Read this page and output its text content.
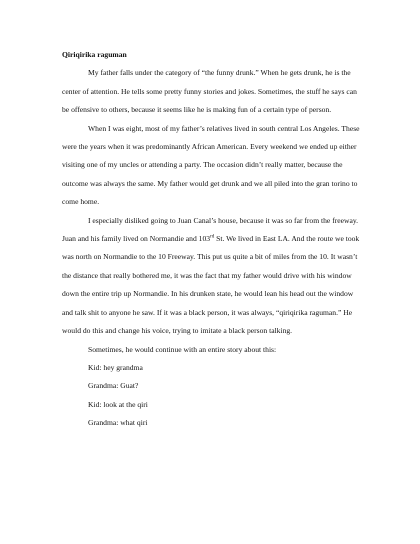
Qiriqirika raguman

My father falls under the category of “the funny drunk.” When he gets drunk, he is the center of attention. He tells some pretty funny stories and jokes. Sometimes, the stuff he says can be offensive to others, because it seems like he is making fun of a certain type of person.

When I was eight, most of my father’s relatives lived in south central Los Angeles. These were the years when it was predominantly African American. Every weekend we ended up either visiting one of my uncles or attending a party. The occasion didn’t really matter, because the outcome was always the same. My father would get drunk and we all piled into the gran torino to come home.

I especially disliked going to Juan Canal’s house, because it was so far from the freeway. Juan and his family lived on Normandie and 103rd St. We lived in East LA. And the route we took was north on Normandie to the 10 Freeway. This put us quite a bit of miles from the 10. It wasn’t the distance that really bothered me, it was the fact that my father would drive with his window down the entire trip up Normandie. In his drunken state, he would lean his head out the window and talk shit to anyone he saw. If it was a black person, it was always, “qiriqirika raguman.” He would do this and change his voice, trying to imitate a black person talking.

Sometimes, he would continue with an entire story about this:

Kid: hey grandma

Grandma: Guat?

Kid: look at the qiri

Grandma: what qiri
